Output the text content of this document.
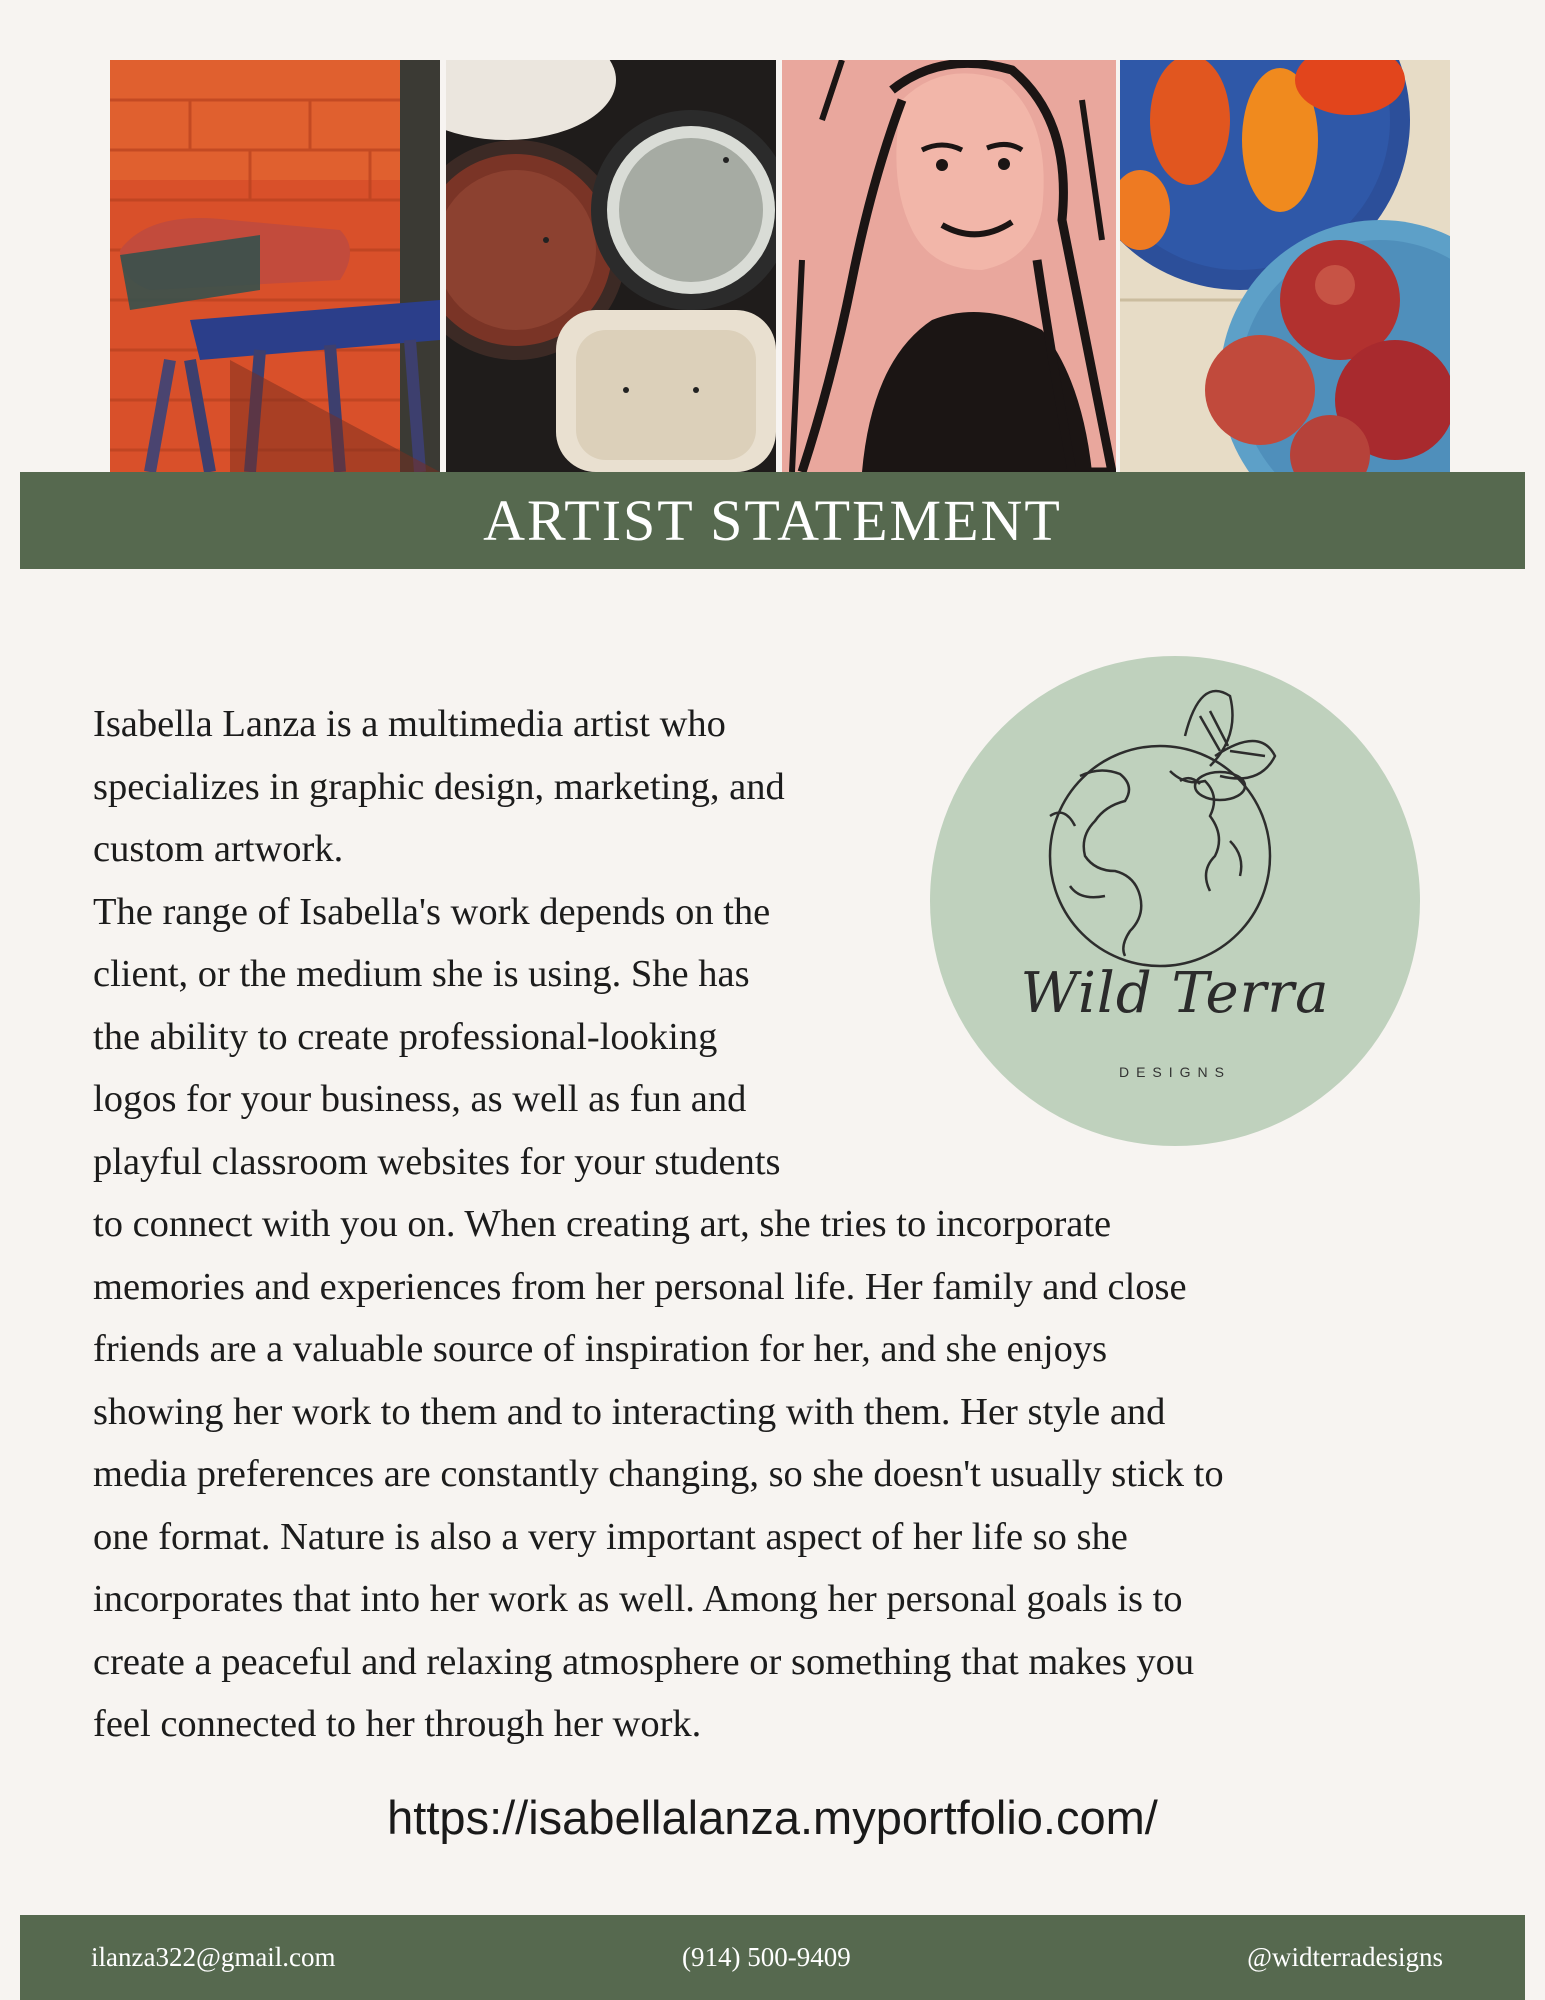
ARTIST STATEMENT
Wild Terra
DESIGNS
Isabella Lanza is a multimedia artist who
specializes in graphic design, marketing, and
custom artwork.
The range of Isabella's work depends on the
client, or the medium she is using. She has
the ability to create professional-looking
logos for your business, as well as fun and
playful classroom websites for your students
to connect with you on. When creating art, she tries to incorporate
memories and experiences from her personal life. Her family and close
friends are a valuable source of inspiration for her, and she enjoys
showing her work to them and to interacting with them. Her style and
media preferences are constantly changing, so she doesn't usually stick to
one format. Nature is also a very important aspect of her life so she
incorporates that into her work as well. Among her personal goals is to
create a peaceful and relaxing atmosphere or something that makes you
feel connected to her through her work.
https://isabellalanza.myportfolio.com/
ilanza322@gmail.com	(914) 500-9409	@widterradesigns
